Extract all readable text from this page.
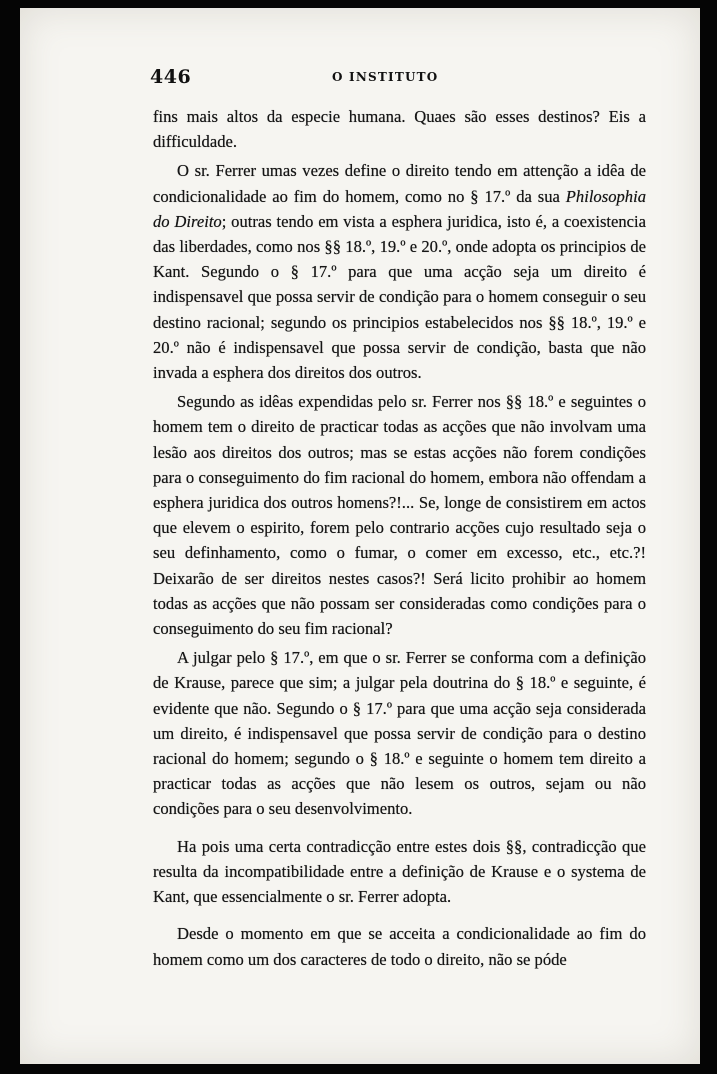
446	O INSTITUTO

fins mais altos da especie humana. Quaes são esses destinos? Eis a difficuldade.

O sr. Ferrer umas vezes define o direito tendo em attenção a idêa de condicionalidade ao fim do homem, como no § 17.º da sua Philosophia do Direito; outras tendo em vista a esphera juridica, isto é, a coexistencia das liberdades, como nos §§ 18.º, 19.º e 20.º, onde adopta os principios de Kant. Segundo o § 17.º para que uma acção seja um direito é indispensavel que possa servir de condição para o homem conseguir o seu destino racional; segundo os principios estabelecidos nos §§ 18.º, 19.º e 20.º não é indispensavel que possa servir de condição, basta que não invada a esphera dos direitos dos outros.

Segundo as idêas expendidas pelo sr. Ferrer nos §§ 18.º e seguintes o homem tem o direito de practicar todas as acções que não involvam uma lesão aos direitos dos outros; mas se estas acções não forem condições para o conseguimento do fim racional do homem, embora não offendam a esphera juridica dos outros homens?!... Se, longe de consistirem em actos que elevem o espirito, forem pelo contrario acções cujo resultado seja o seu definhamento, como o fumar, o comer em excesso, etc., etc.?! Deixarão de ser direitos nestes casos?! Será licito prohibir ao homem todas as acções que não possam ser consideradas como condições para o conseguimento do seu fim racional?

A julgar pelo § 17.º, em que o sr. Ferrer se conforma com a definição de Krause, parece que sim; a julgar pela doutrina do § 18.º e seguinte, é evidente que não. Segundo o § 17.º para que uma acção seja considerada um direito, é indispensavel que possa servir de condição para o destino racional do homem; segundo o § 18.º e seguinte o homem tem direito a practicar todas as acções que não lesem os outros, sejam ou não condições para o seu desenvolvimento.

Ha pois uma certa contradicção entre estes dois §§, contradicção que resulta da incompatibilidade entre a definição de Krause e o systema de Kant, que essencialmente o sr. Ferrer adopta.

Desde o momento em que se acceita a condicionalidade ao fim do homem como um dos caracteres de todo o direito, não se póde
